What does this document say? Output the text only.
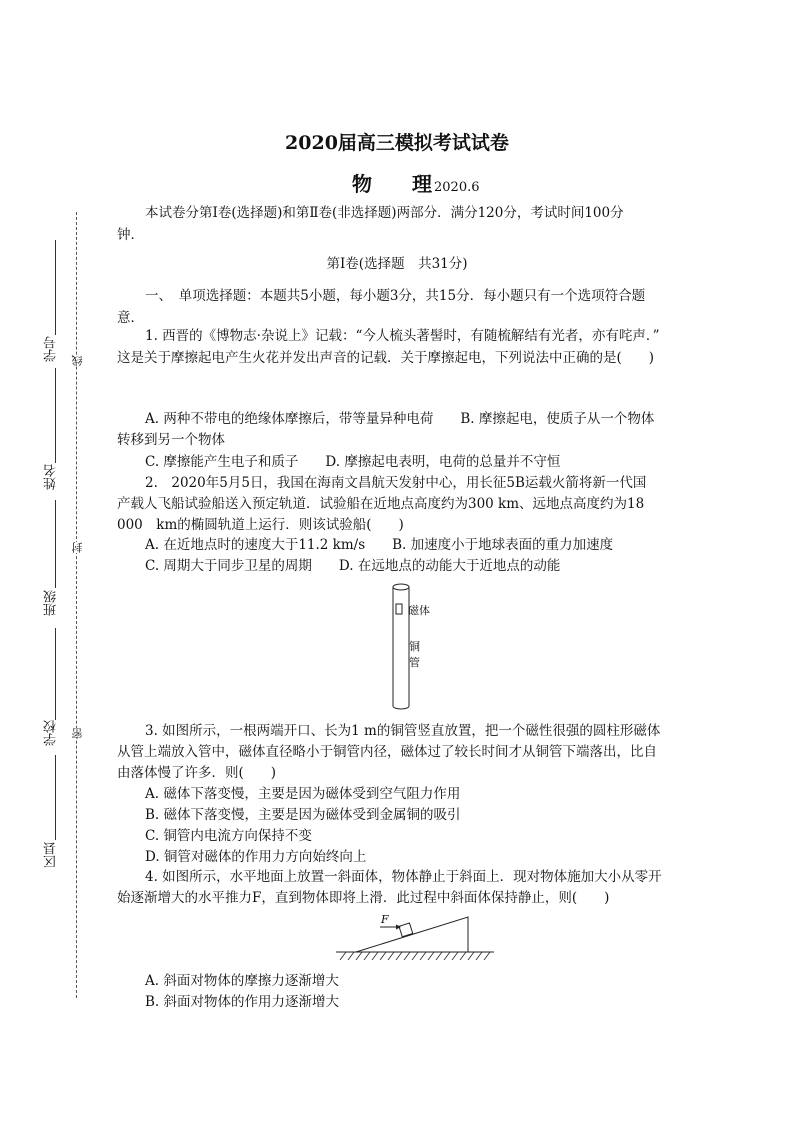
学号
姓名
班级
学校
区县
线
封
密
2020届高三模拟考试试卷
物 理 2020.6
本试卷分第Ⅰ卷(选择题)和第Ⅱ卷(非选择题)两部分．满分120分，考试时间100分
钟．
第Ⅰ卷(选择题　共31分)
一、　单项选择题：本题共5小题，每小题3分，共15分．每小题只有一个选项符合题
意．
1. 西晋的《博物志·杂说上》记载：“今人梳头著髻时，有随梳解结有光者，亦有咤声．”
这是关于摩擦起电产生火花并发出声音的记载．关于摩擦起电，下列说法中正确的是(　　)
A. 两种不带电的绝缘体摩擦后，带等量异种电荷　　B. 摩擦起电，使质子从一个物体
转移到另一个物体
C. 摩擦能产生电子和质子　　D. 摩擦起电表明，电荷的总量并不守恒
2.　2020年5月5日，我国在海南文昌航天发射中心，用长征5B运载火箭将新一代国
产载人飞船试验船送入预定轨道．试验船在近地点高度约为300 km、远地点高度约为18
000　km的椭圆轨道上运行．则该试验船(　　)
A. 在近地点时的速度大于11.2 km/s　　B. 加速度小于地球表面的重力加速度
C. 周期大于同步卫星的周期　　D. 在远地点的动能大于近地点的动能
磁体
铜
管
3. 如图所示，一根两端开口、长为1 m的铜管竖直放置，把一个磁性很强的圆柱形磁体
从管上端放入管中，磁体直径略小于铜管内径，磁体过了较长时间才从铜管下端落出，比自
由落体慢了许多．则(　　)
A. 磁体下落变慢，主要是因为磁体受到空气阻力作用
B. 磁体下落变慢，主要是因为磁体受到金属铜的吸引
C. 铜管内电流方向保持不变
D. 铜管对磁体的作用力方向始终向上
4. 如图所示，水平地面上放置一斜面体，物体静止于斜面上．现对物体施加大小从零开
始逐渐增大的水平推力F，直到物体即将上滑．此过程中斜面体保持静止，则(　　)
F
A. 斜面对物体的摩擦力逐渐增大
B. 斜面对物体的作用力逐渐增大
